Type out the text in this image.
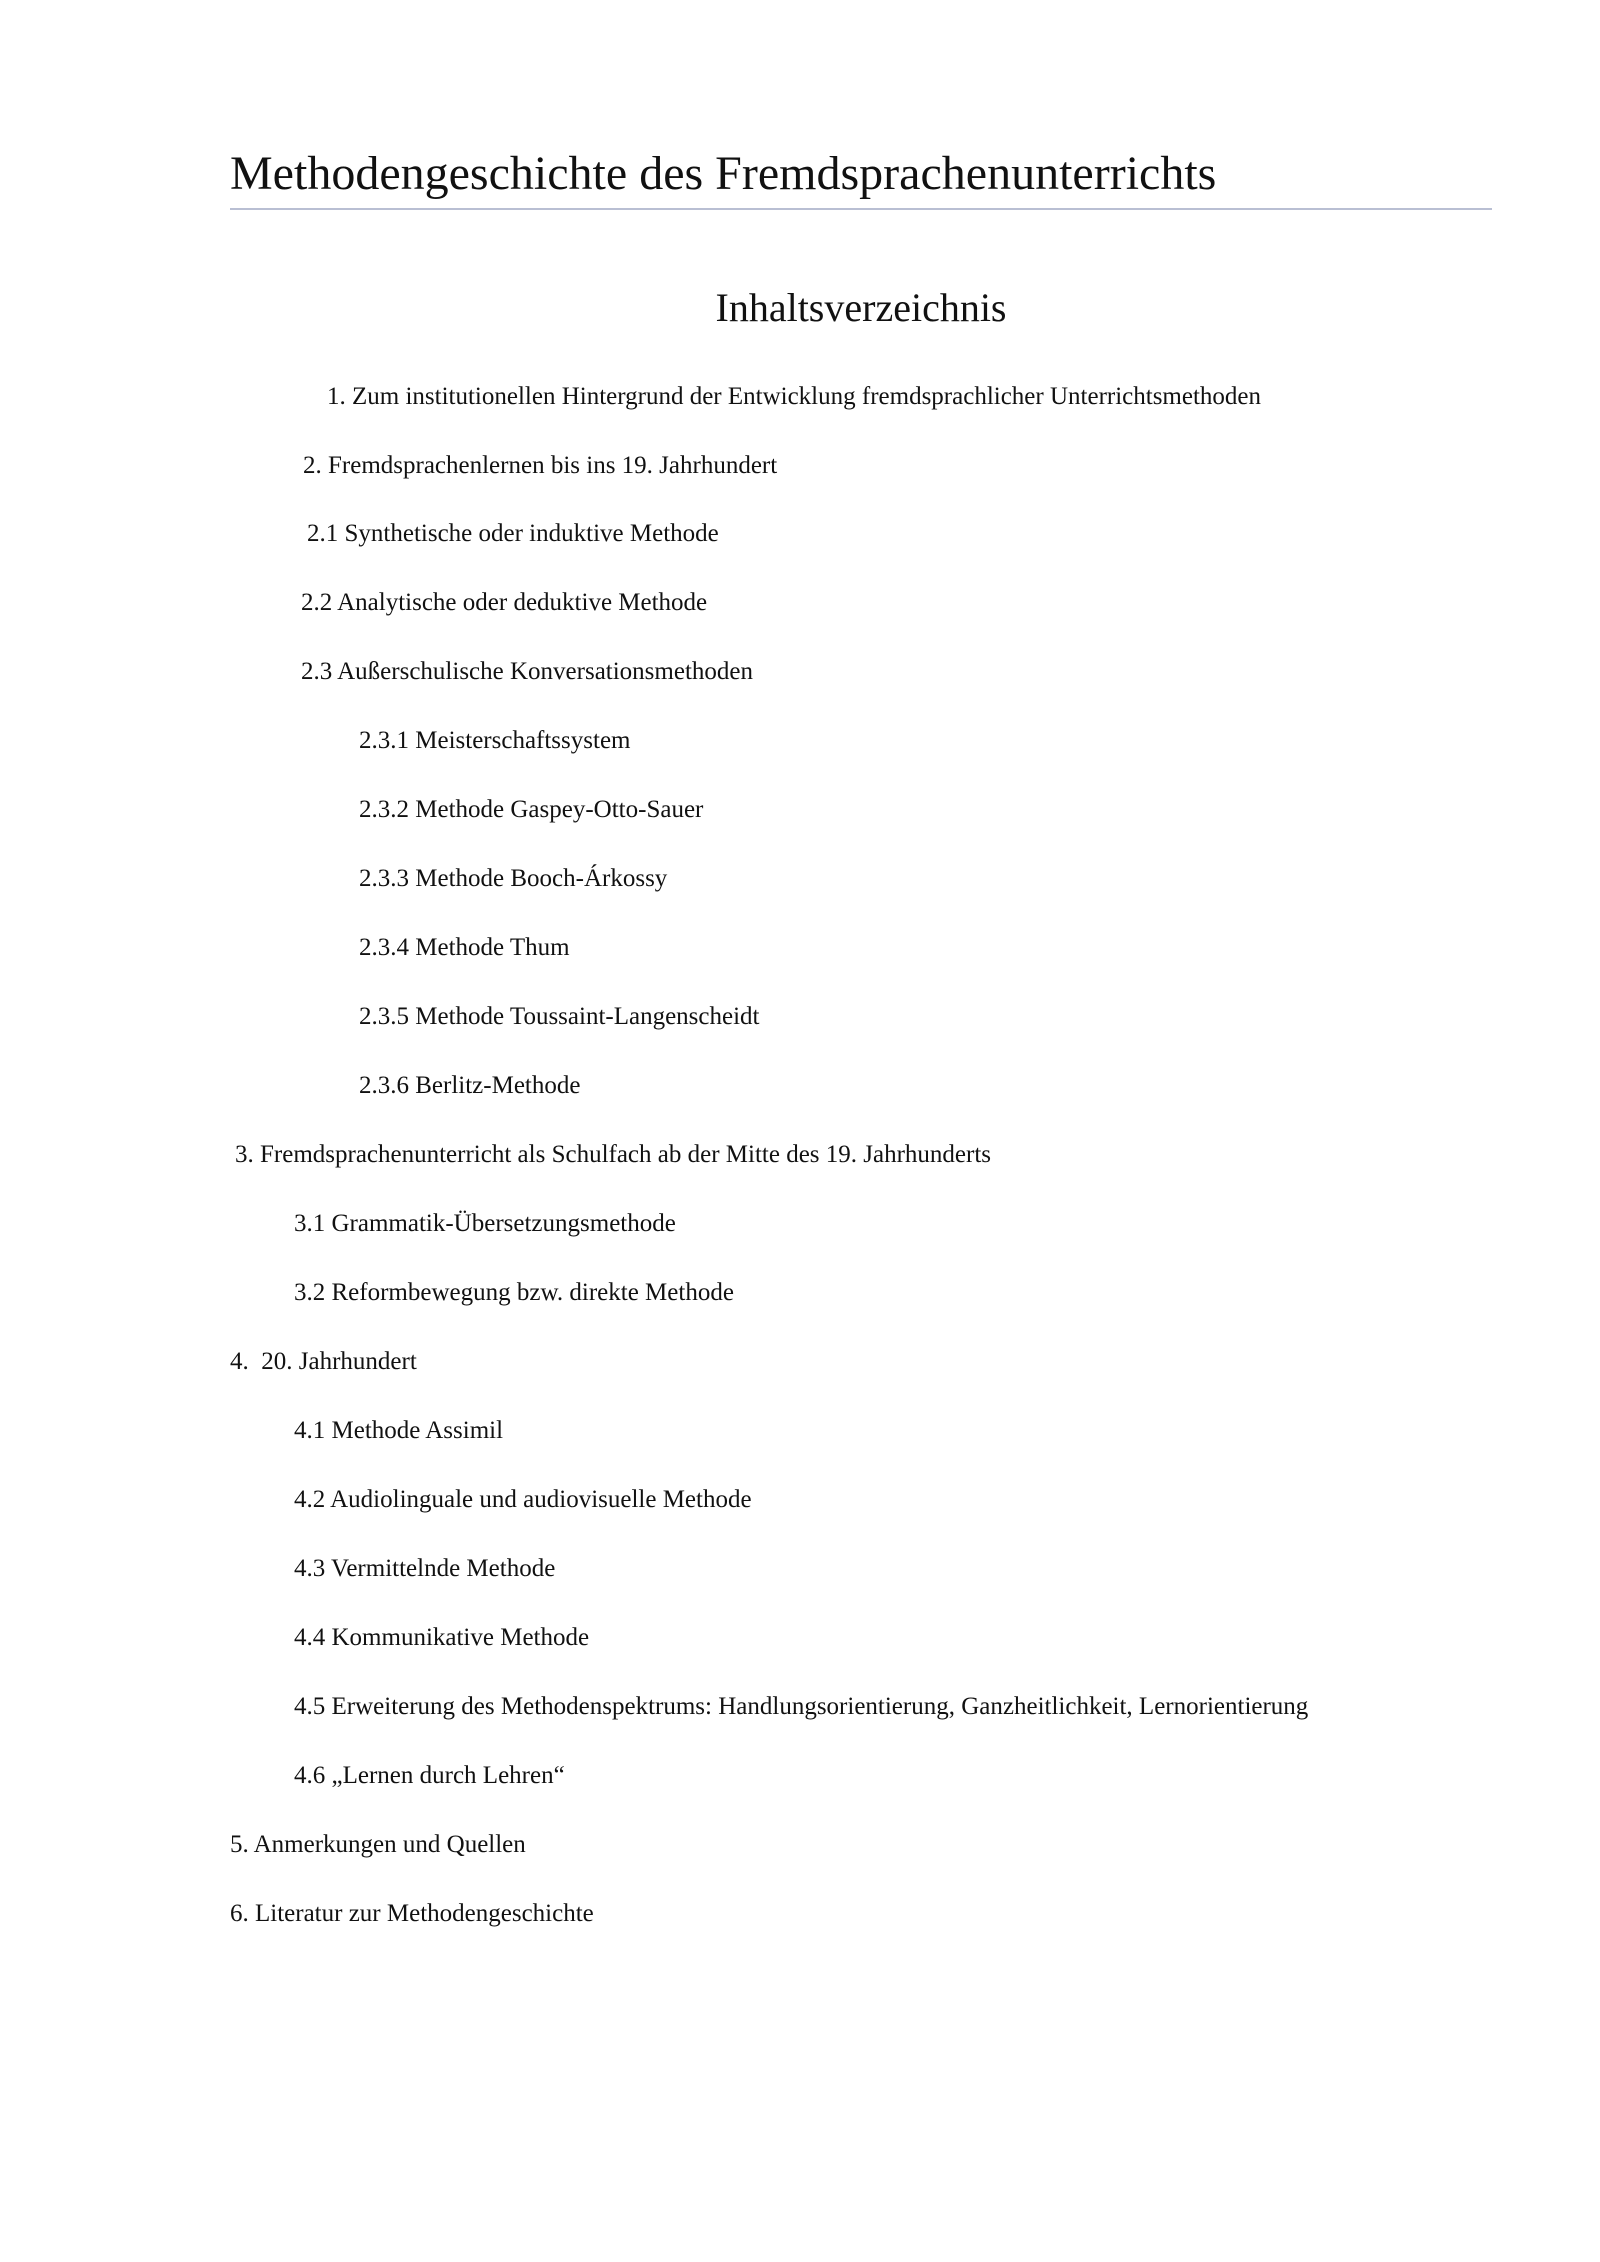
Methodengeschichte des Fremdsprachenunterrichts
Inhaltsverzeichnis
1. Zum institutionellen Hintergrund der Entwicklung fremdsprachlicher Unterrichtsmethoden
2. Fremdsprachenlernen bis ins 19. Jahrhundert
2.1 Synthetische oder induktive Methode
2.2 Analytische oder deduktive Methode
2.3 Außerschulische Konversationsmethoden
2.3.1 Meisterschaftssystem
2.3.2 Methode Gaspey-Otto-Sauer
2.3.3 Methode Booch-Árkossy
2.3.4 Methode Thum
2.3.5 Methode Toussaint-Langenscheidt
2.3.6 Berlitz-Methode
3. Fremdsprachenunterricht als Schulfach ab der Mitte des 19. Jahrhunderts
3.1 Grammatik-Übersetzungsmethode
3.2 Reformbewegung bzw. direkte Methode
4.  20. Jahrhundert
4.1 Methode Assimil
4.2 Audiolinguale und audiovisuelle Methode
4.3 Vermittelnde Methode
4.4 Kommunikative Methode
4.5 Erweiterung des Methodenspektrums: Handlungsorientierung, Ganzheitlichkeit, Lernorientierung
4.6 „Lernen durch Lehren“
5. Anmerkungen und Quellen
6. Literatur zur Methodengeschichte
